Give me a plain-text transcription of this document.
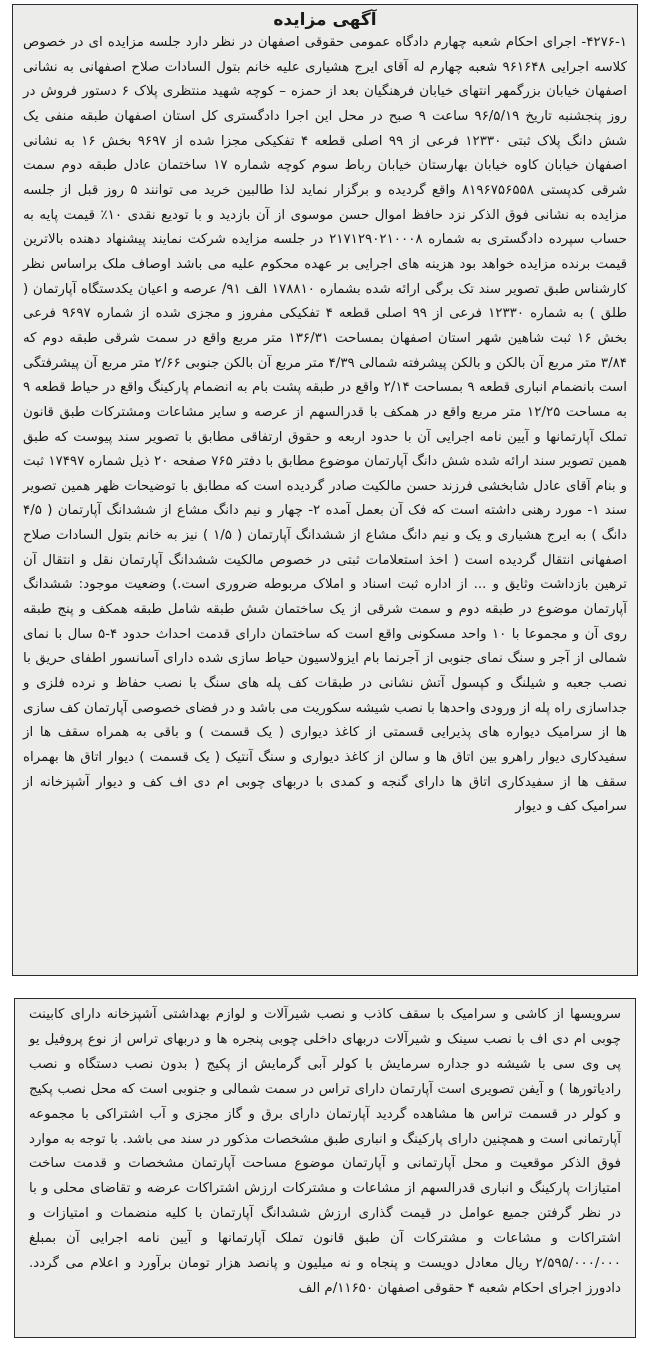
آگهی مزایده

۴۲۷۶-۱- اجرای احکام شعبه چهارم دادگاه عمومی حقوقی اصفهان در نظر دارد جلسه مزایده ای در خصوص کلاسه اجرایی ۹۶۱۶۴۸ شعبه چهارم له آقای ایرج هشیاری علیه خانم بتول السادات صلاح اصفهانی به نشانی اصفهان خیابان بزرگمهر انتهای خیابان فرهنگیان بعد از حمزه – کوچه شهید منتظری پلاک ۶ دستور فروش در روز پنجشنبه تاریخ ۹۶/۵/۱۹ ساعت ۹ صبح در محل این اجرا دادگستری کل استان اصفهان طبقه منفی یک شش دانگ پلاک ثبتی ۱۲۳۳۰ فرعی از ۹۹ اصلی قطعه ۴ تفکیکی مجزا شده از ۹۶۹۷ بخش ۱۶ به نشانی اصفهان خیابان کاوه خیابان بهارستان خیابان رباط سوم کوچه شماره ۱۷ ساختمان عادل طبقه دوم سمت شرقی کدپستی ۸۱۹۶۷۵۶۵۵۸ واقع گردیده و برگزار نماید لذا طالبین خرید می توانند ۵ روز قبل از جلسه مزایده به نشانی فوق الذکر نزد حافظ اموال حسن موسوی از آن بازدید و با تودیع نقدی ۱۰٪ قیمت پایه به حساب سپرده دادگستری به شماره ۲۱۷۱۲۹۰۲۱۰۰۰۸ در جلسه مزایده شرکت نمایند پیشنهاد دهنده بالاترین قیمت برنده مزایده خواهد بود هزینه های اجرایی بر عهده محکوم علیه می باشد اوصاف ملک براساس نظر کارشناس طبق تصویر سند تک برگی ارائه شده بشماره ۱۷۸۸۱۰ الف ۹۱/ عرصه و اعیان یکدستگاه آپارتمان ( طلق ) به شماره ۱۲۳۳۰ فرعی از ۹۹ اصلی قطعه ۴ تفکیکی مفروز و مجزی شده از شماره ۹۶۹۷ فرعی بخش ۱۶ ثبت شاهین شهر استان اصفهان بمساحت ۱۳۶/۳۱ متر مربع واقع در سمت شرقی طبقه دوم که ۳/۸۴ متر مربع آن بالکن و بالکن پیشرفته شمالی ۴/۳۹ متر مربع آن بالکن جنوبی ۲/۶۶ متر مربع آن پیشرفتگی است بانضمام انباری قطعه ۹ بمساحت ۲/۱۴ واقع در طبقه پشت بام به انضمام پارکینگ واقع در حیاط قطعه ۹ به مساحت ۱۲/۲۵ متر مربع واقع در همکف با قدرالسهم از عرصه و سایر مشاعات ومشترکات طبق قانون تملک آپارتمانها و آیین نامه اجرایی آن با حدود اربعه و حقوق ارتفاقی مطابق با تصویر سند پیوست که طبق همین تصویر سند ارائه شده شش دانگ آپارتمان موضوع مطابق با دفتر ۷۶۵ صفحه ۲۰ ذیل شماره ۱۷۴۹۷ ثبت و بنام آقای عادل شابخشی فرزند حسن مالکیت صادر گردیده است که مطابق با توضیحات ظهر همین تصویر سند ۱- مورد رهنی داشته است که فک آن بعمل آمده ۲- چهار و نیم دانگ مشاع از ششدانگ آپارتمان ( ۴/۵ دانگ ) به ایرج هشیاری و یک و نیم دانگ مشاع از ششدانگ آپارتمان ( ۱/۵ ) نیز به خانم بتول السادات صلاح اصفهانی انتقال گردیده است ( اخذ استعلامات ثبتی در خصوص مالکیت ششدانگ آپارتمان نقل و انتقال آن ترهین بازداشت وثایق و ... از اداره ثبت اسناد و املاک مربوطه ضروری است.) وضعیت موجود: ششدانگ آپارتمان موضوع در طبقه دوم و سمت شرقی از یک ساختمان شش طبقه شامل طبقه همکف و پنج طبقه روی آن و مجموعا با ۱۰ واحد مسکونی واقع است که ساختمان دارای قدمت احداث حدود ۴-۵ سال با نمای شمالی از آجر و سنگ نمای جنوبی از آجرنما بام ایزولاسیون حیاط سازی شده دارای آسانسور اطفای حریق با نصب جعبه و شیلنگ و کپسول آتش نشانی در طبقات کف پله های سنگ با نصب حفاظ و نرده فلزی و جداسازی راه پله از ورودی واحدها با نصب شیشه سکوریت می باشد و در فضای خصوصی آپارتمان کف سازی ها از سرامیک دیواره های پذیرایی قسمتی از کاغذ دیواری ( یک قسمت ) و باقی به همراه سقف ها از سفیدکاری دیوار راهرو بین اتاق ها و سالن از کاغذ دیواری و سنگ آنتیک ( یک قسمت ) دیوار اتاق ها بهمراه سقف ها از سفیدکاری اتاق ها دارای گنجه و کمدی با دربهای چوبی ام دی اف کف و دیوار آشپزخانه از سرامیک کف و دیوار

سرویسها از کاشی و سرامیک با سقف کاذب و نصب شیرآلات و لوازم بهداشتی آشپزخانه دارای کابینت چوبی ام دی اف با نصب سینک و شیرآلات دربهای داخلی چوبی پنجره ها و دربهای تراس از نوع پروفیل یو پی وی سی با شیشه دو جداره سرمایش با کولر آبی گرمایش از پکیج ( بدون نصب دستگاه و نصب رادیاتورها ) و آیفن تصویری است آپارتمان دارای تراس در سمت شمالی و جنوبی است که محل نصب پکیج و کولر در قسمت تراس ها مشاهده گردید آپارتمان دارای برق و گاز مجزی و آب اشتراکی با مجموعه آپارتمانی است و همچنین دارای پارکینگ و انباری طبق مشخصات مذکور در سند می باشد. با توجه به موارد فوق الذکر موقعیت و محل آپارتمانی و آپارتمان موضوع مساحت آپارتمان مشخصات و قدمت ساخت امتیازات پارکینگ و انباری قدرالسهم از مشاعات و مشترکات ارزش اشتراکات عرضه و تقاضای محلی و با در نظر گرفتن جمیع عوامل در قیمت گذاری ارزش ششدانگ آپارتمان با کلیه منضمات و امتیازات و اشتراکات و مشاعات و مشترکات آن طبق قانون تملک آپارتمانها و آیین نامه اجرایی آن بمبلغ ۲/۵۹۵/۰۰۰/۰۰۰ ریال معادل دویست و پنجاه و نه میلیون و پانصد هزار تومان برآورد و اعلام می گردد. دادورز اجرای احکام شعبه ۴ حقوقی اصفهان ۱۱۶۵۰/م الف
